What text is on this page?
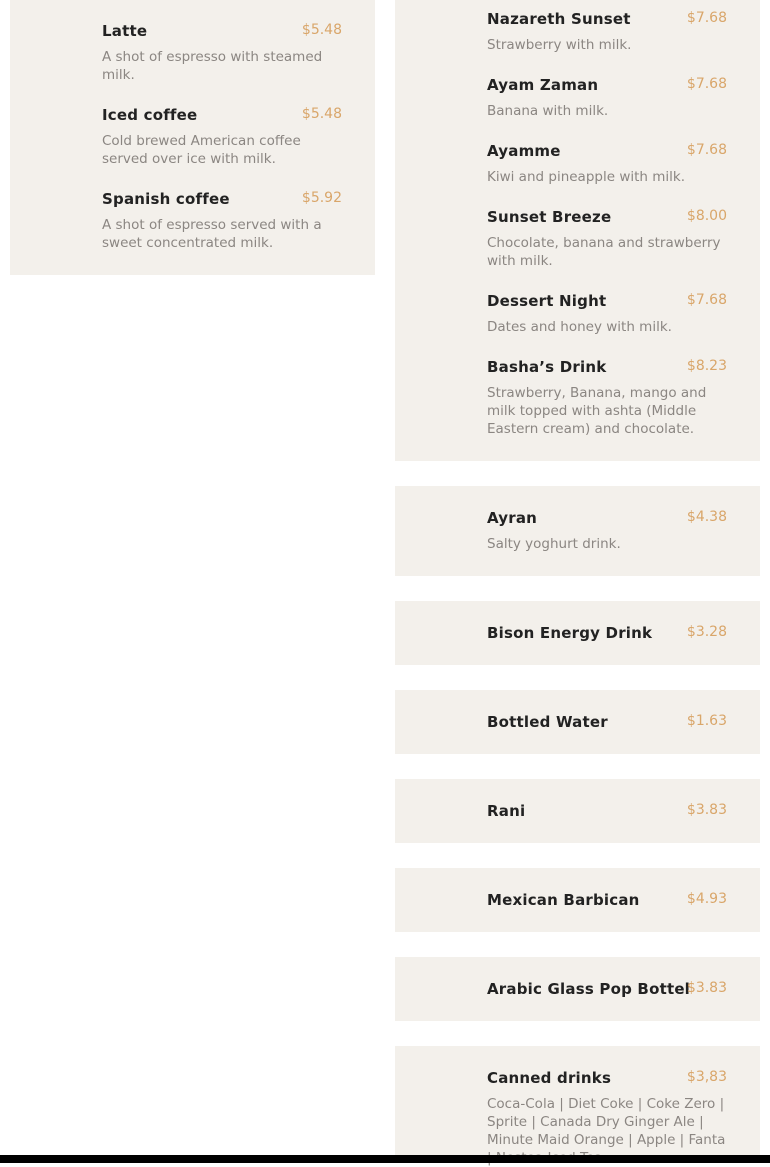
Latte	$5.48
A shot of espresso with steamed milk.
Iced coffee	$5.48
Cold brewed American coffee served over ice with milk.
Spanish coffee	$5.92
A shot of espresso served with a sweet concentrated milk.
Nazareth Sunset	$7.68
Strawberry with milk.
Ayam Zaman	$7.68
Banana with milk.
Ayamme	$7.68
Kiwi and pineapple with milk.
Sunset Breeze	$8.00
Chocolate, banana and strawberry with milk.
Dessert Night	$7.68
Dates and honey with milk.
Basha’s Drink	$8.23
Strawberry, Banana, mango and milk topped with ashta (Middle Eastern cream) and chocolate.
Ayran	$4.38
Salty yoghurt drink.
Bison Energy Drink $3.28
Bottled Water	$1.63
Rani	$3.83
Mexican Barbican	$4.93
Arabic Glass Pop Bottel
$3.83
Canned drinks	$3,83
Coca-Cola | Diet Coke | Coke Zero | Sprite | Canada Dry Ginger Ale | Minute Maid Orange | Apple | Fanta
